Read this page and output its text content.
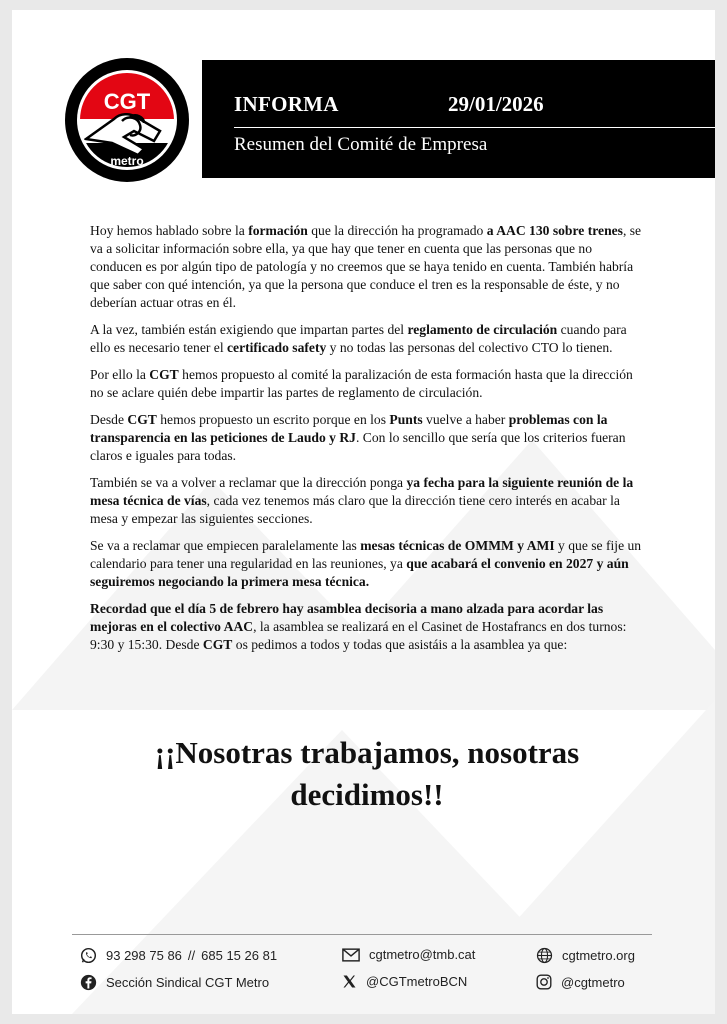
INFORMA	29/01/2026
Resumen del Comité de Empresa
CGT
metro

Hoy hemos hablado sobre la formación que la dirección ha programado a AAC 130 sobre trenes, se va a solicitar información sobre ella, ya que hay que tener en cuenta que las personas que no conducen es por algún tipo de patología y no creemos que se haya tenido en cuenta. También habría que saber con qué intención, ya que la persona que conduce el tren es la responsable de éste, y no deberían actuar otras en él.

A la vez, también están exigiendo que impartan partes del reglamento de circulación cuando para ello es necesario tener el certificado safety y no todas las personas del colectivo CTO lo tienen.

Por ello la CGT hemos propuesto al comité la paralización de esta formación hasta que la dirección no se aclare quién debe impartir las partes de reglamento de circulación.

Desde CGT hemos propuesto un escrito porque en los Punts vuelve a haber problemas con la transparencia en las peticiones de Laudo y RJ. Con lo sencillo que sería que los criterios fueran claros e iguales para todas.

También se va a volver a reclamar que la dirección ponga ya fecha para la siguiente reunión de la mesa técnica de vías, cada vez tenemos más claro que la dirección tiene cero interés en acabar la mesa y empezar las siguientes secciones.

Se va a reclamar que empiecen paralelamente las mesas técnicas de OMMM y AMI y que se fije un calendario para tener una regularidad en las reuniones, ya que acabará el convenio en 2027 y aún seguiremos negociando la primera mesa técnica.

Recordad que el día 5 de febrero hay asamblea decisoria a mano alzada para acordar las mejoras en el colectivo AAC, la asamblea se realizará en el Casinet de Hostafrancs en dos turnos: 9:30 y 15:30. Desde CGT os pedimos a todos y todas que asistáis a la asamblea ya que:

¡¡Nosotras trabajamos, nosotras
decidimos!!
93 298 75 86 // 685 15 26 81	cgtmetro@tmb.cat	cgtmetro.org
Sección Sindical CGT Metro	@CGTmetroBCN	@cgtmetro
